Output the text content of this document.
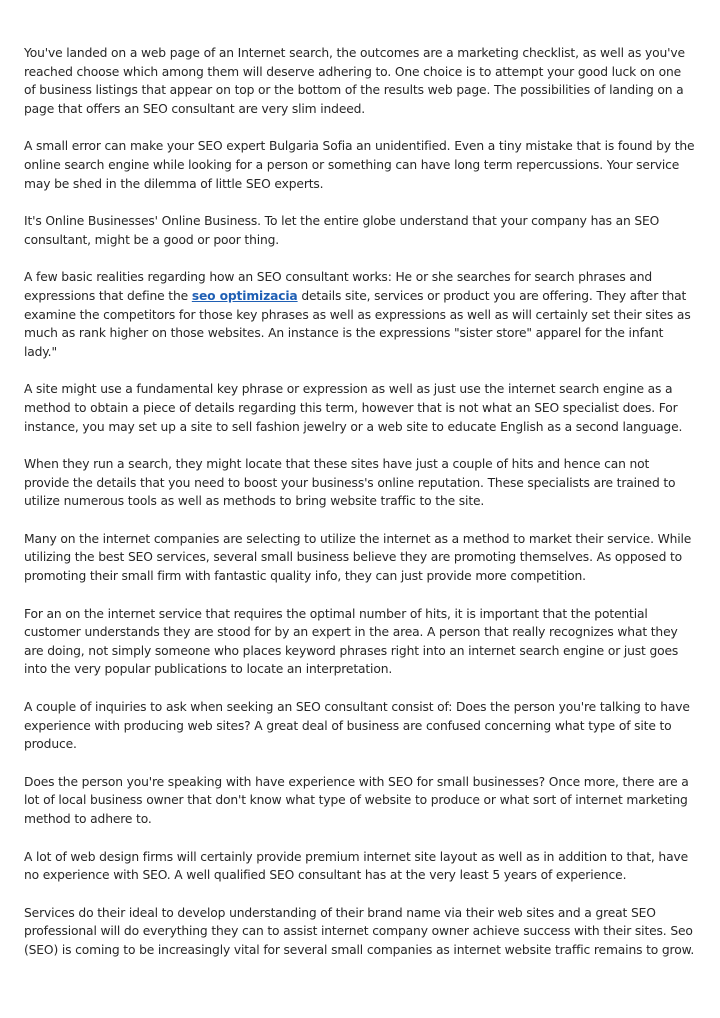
You've landed on a web page of an Internet search, the outcomes are a marketing checklist, as well as you've reached choose which among them will deserve adhering to. One choice is to attempt your good luck on one of business listings that appear on top or the bottom of the results web page. The possibilities of landing on a page that offers an SEO consultant are very slim indeed.

A small error can make your SEO expert Bulgaria Sofia an unidentified. Even a tiny mistake that is found by the online search engine while looking for a person or something can have long term repercussions. Your service may be shed in the dilemma of little SEO experts.

It's Online Businesses' Online Business. To let the entire globe understand that your company has an SEO consultant, might be a good or poor thing.

A few basic realities regarding how an SEO consultant works: He or she searches for search phrases and expressions that define the seo optimizacia details site, services or product you are offering. They after that examine the competitors for those key phrases as well as expressions as well as will certainly set their sites as much as rank higher on those websites. An instance is the expressions "sister store" apparel for the infant lady."

A site might use a fundamental key phrase or expression as well as just use the internet search engine as a method to obtain a piece of details regarding this term, however that is not what an SEO specialist does. For instance, you may set up a site to sell fashion jewelry or a web site to educate English as a second language.

When they run a search, they might locate that these sites have just a couple of hits and hence can not provide the details that you need to boost your business's online reputation. These specialists are trained to utilize numerous tools as well as methods to bring website traffic to the site.

Many on the internet companies are selecting to utilize the internet as a method to market their service. While utilizing the best SEO services, several small business believe they are promoting themselves. As opposed to promoting their small firm with fantastic quality info, they can just provide more competition.

For an on the internet service that requires the optimal number of hits, it is important that the potential customer understands they are stood for by an expert in the area. A person that really recognizes what they are doing, not simply someone who places keyword phrases right into an internet search engine or just goes into the very popular publications to locate an interpretation.

A couple of inquiries to ask when seeking an SEO consultant consist of: Does the person you're talking to have experience with producing web sites? A great deal of business are confused concerning what type of site to produce.

Does the person you're speaking with have experience with SEO for small businesses? Once more, there are a lot of local business owner that don't know what type of website to produce or what sort of internet marketing method to adhere to.

A lot of web design firms will certainly provide premium internet site layout as well as in addition to that, have no experience with SEO. A well qualified SEO consultant has at the very least 5 years of experience.

Services do their ideal to develop understanding of their brand name via their web sites and a great SEO professional will do everything they can to assist internet company owner achieve success with their sites. Seo (SEO) is coming to be increasingly vital for several small companies as internet website traffic remains to grow.
